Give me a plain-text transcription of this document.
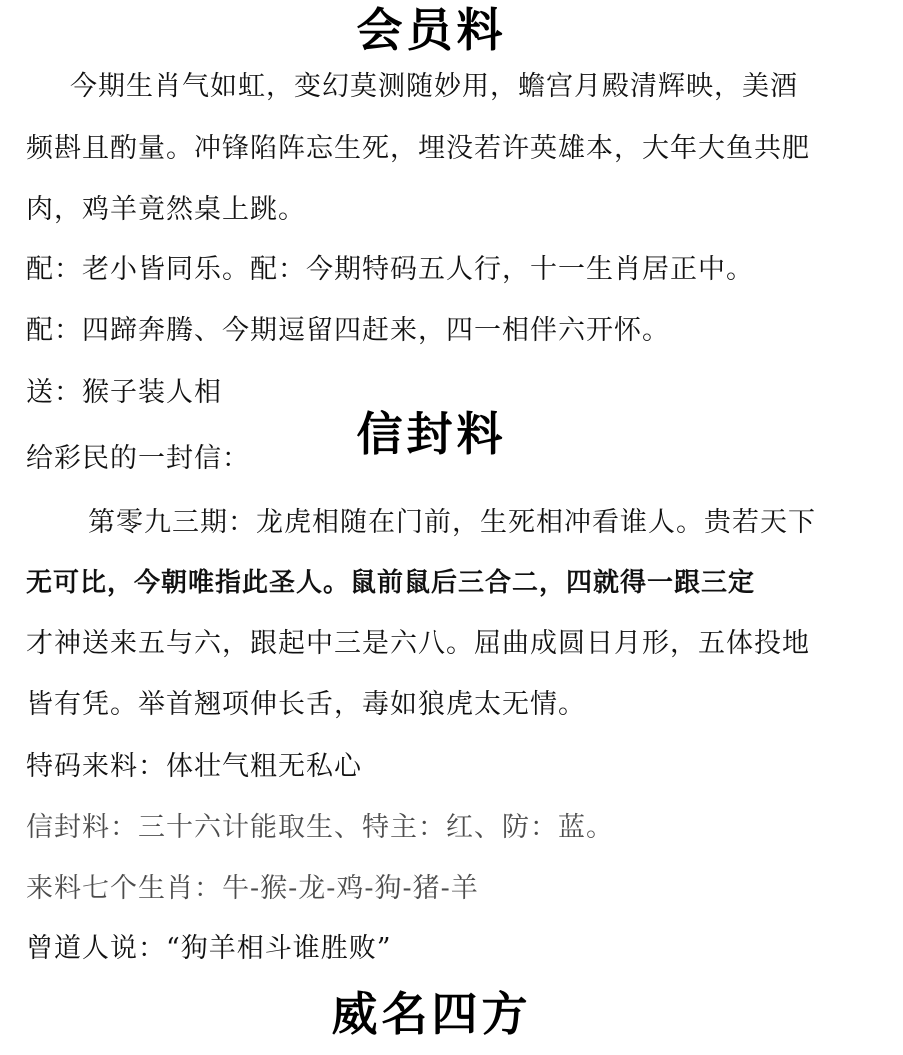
会员料
今期生肖气如虹，变幻莫测随妙用，蟾宫月殿清辉映，美酒
频斟且酌量。冲锋陷阵忘生死，埋没若许英雄本，大年大鱼共肥
肉，鸡羊竟然桌上跳。
配：老小皆同乐。配：今期特码五人行，十一生肖居正中。
配：四蹄奔腾、今期逗留四赶来，四一相伴六开怀。
送：猴子装人相
信封料
给彩民的一封信：
第零九三期：龙虎相随在门前，生死相冲看谁人。贵若天下
无可比，今朝唯指此圣人。鼠前鼠后三合二，四就得一跟三定
才神送来五与六，跟起中三是六八。屈曲成圆日月形，五体投地
皆有凭。举首翘项伸长舌，毒如狼虎太无情。
特码来料：体壮气粗无私心
信封料：三十六计能取生、特主：红、防：蓝。
来料七个生肖：牛-猴-龙-鸡-狗-猪-羊
曾道人说：“狗羊相斗谁胜败”
威名四方
